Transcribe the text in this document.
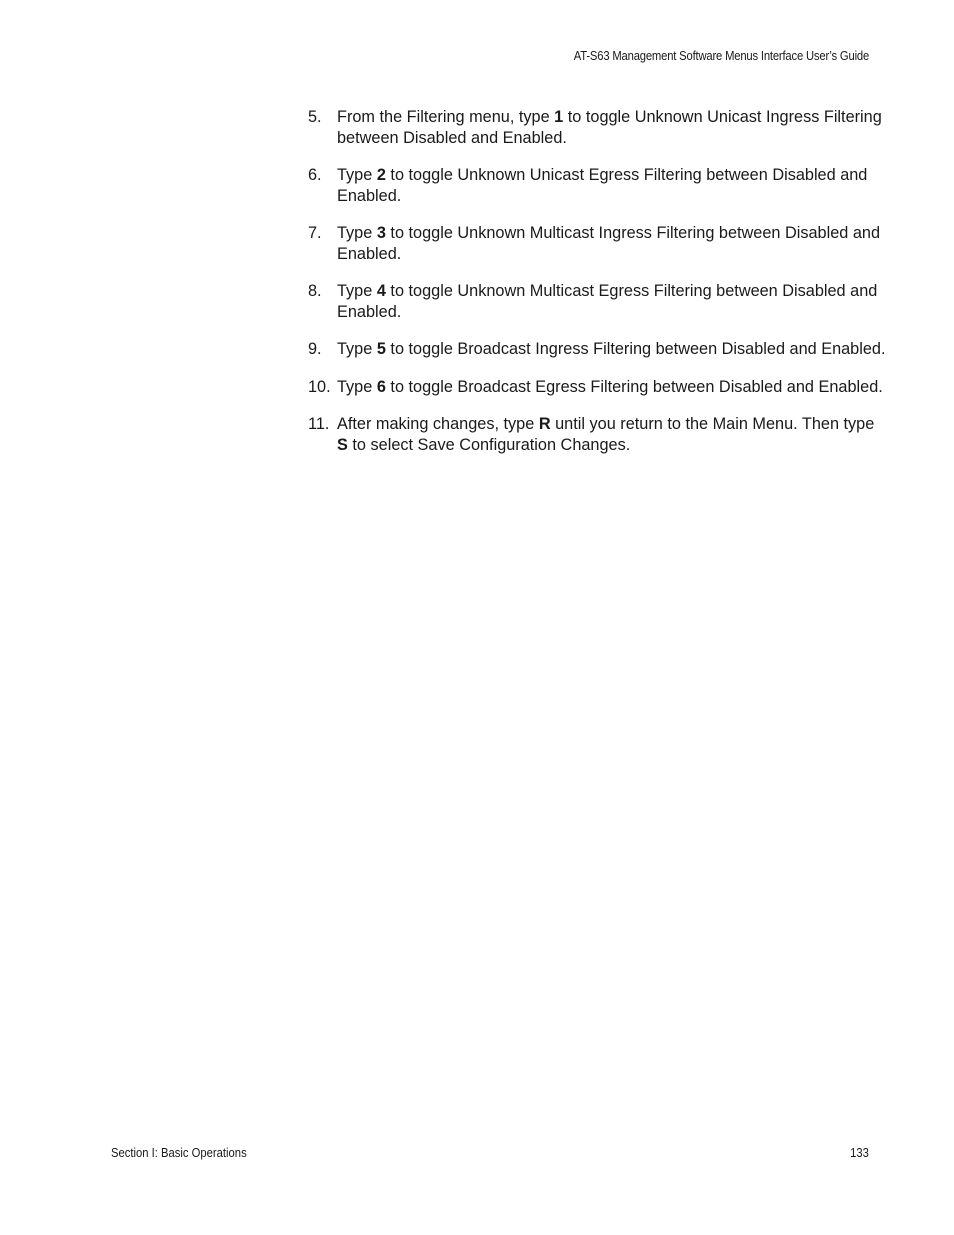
AT-S63 Management Software Menus Interface User’s Guide
5. From the Filtering menu, type 1 to toggle Unknown Unicast Ingress Filtering between Disabled and Enabled.
6. Type 2 to toggle Unknown Unicast Egress Filtering between Disabled and Enabled.
7. Type 3 to toggle Unknown Multicast Ingress Filtering between Disabled and Enabled.
8. Type 4 to toggle Unknown Multicast Egress Filtering between Disabled and Enabled.
9. Type 5 to toggle Broadcast Ingress Filtering between Disabled and Enabled.
10. Type 6 to toggle Broadcast Egress Filtering between Disabled and Enabled.
11. After making changes, type R until you return to the Main Menu. Then type S to select Save Configuration Changes.
Section I: Basic Operations	133
